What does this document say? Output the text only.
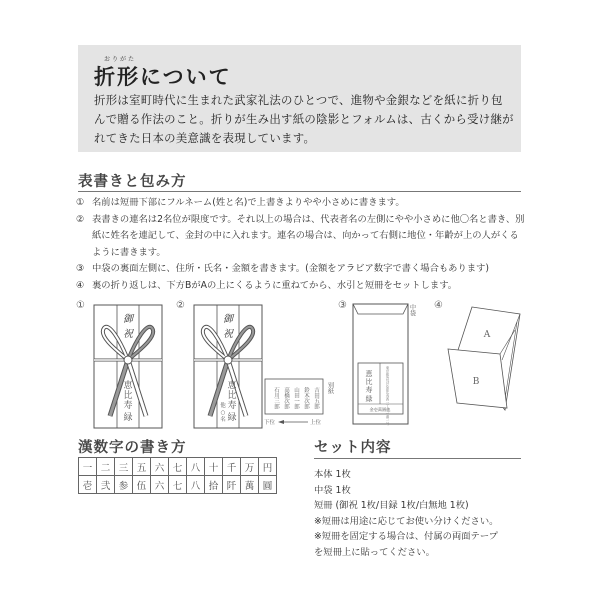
おりがた
折形について

折形は室町時代に生まれた武家礼法のひとつで、進物や金銀などを紙に折り包んで贈る作法のこと。折りが生み出す紙の陰影とフォルムは、古くから受け継がれてきた日本の美意識を表現しています。

表書きと包み方
① 名前は短冊下部にフルネーム(姓と名)で上書きよりやや小さめに書きます。
② 表書きの連名は2名位が限度です。それ以上の場合は、代表者名の左側にやや小さめに他〇名と書き、別紙に姓名を連記して、金封の中に入れます。連名の場合は、向かって右側に地位・年齢が上の人がくるように書きます。
③ 中袋の裏面左側に、住所・氏名・金額を書きます。(金額をアラビア数字で書く場合もあります)
④ 裏の折り返しは、下方BがAの上にくるように重ねてから、水引と短冊をセットします。
①
御
祝
恵
比
寿
緑
②
御
祝
恵
比
寿
緑
他
○
名
吉田五郎
鈴木次郎
山田一郎
高橋次郎
石川三郎	別紙
下位	上位
③
恵
比
寿
緑	東京都渋谷区恵比寿西一丁目一番一号
金壱萬圓也
中袋 ④
A
B
漢数字の書き方
一	二	三	五	六	七	八	十	千	万	円
壱	弐	参	伍	六	七	八	拾	阡	萬	圓
セット内容
本体 1枚
中袋 1枚
短冊 (御祝 1枚/目録 1枚/白無地 1枚)
※短冊は用途に応じてお使い分けください。
※短冊を固定する場合は、付属の両面テープ
を短冊上に貼ってください。
